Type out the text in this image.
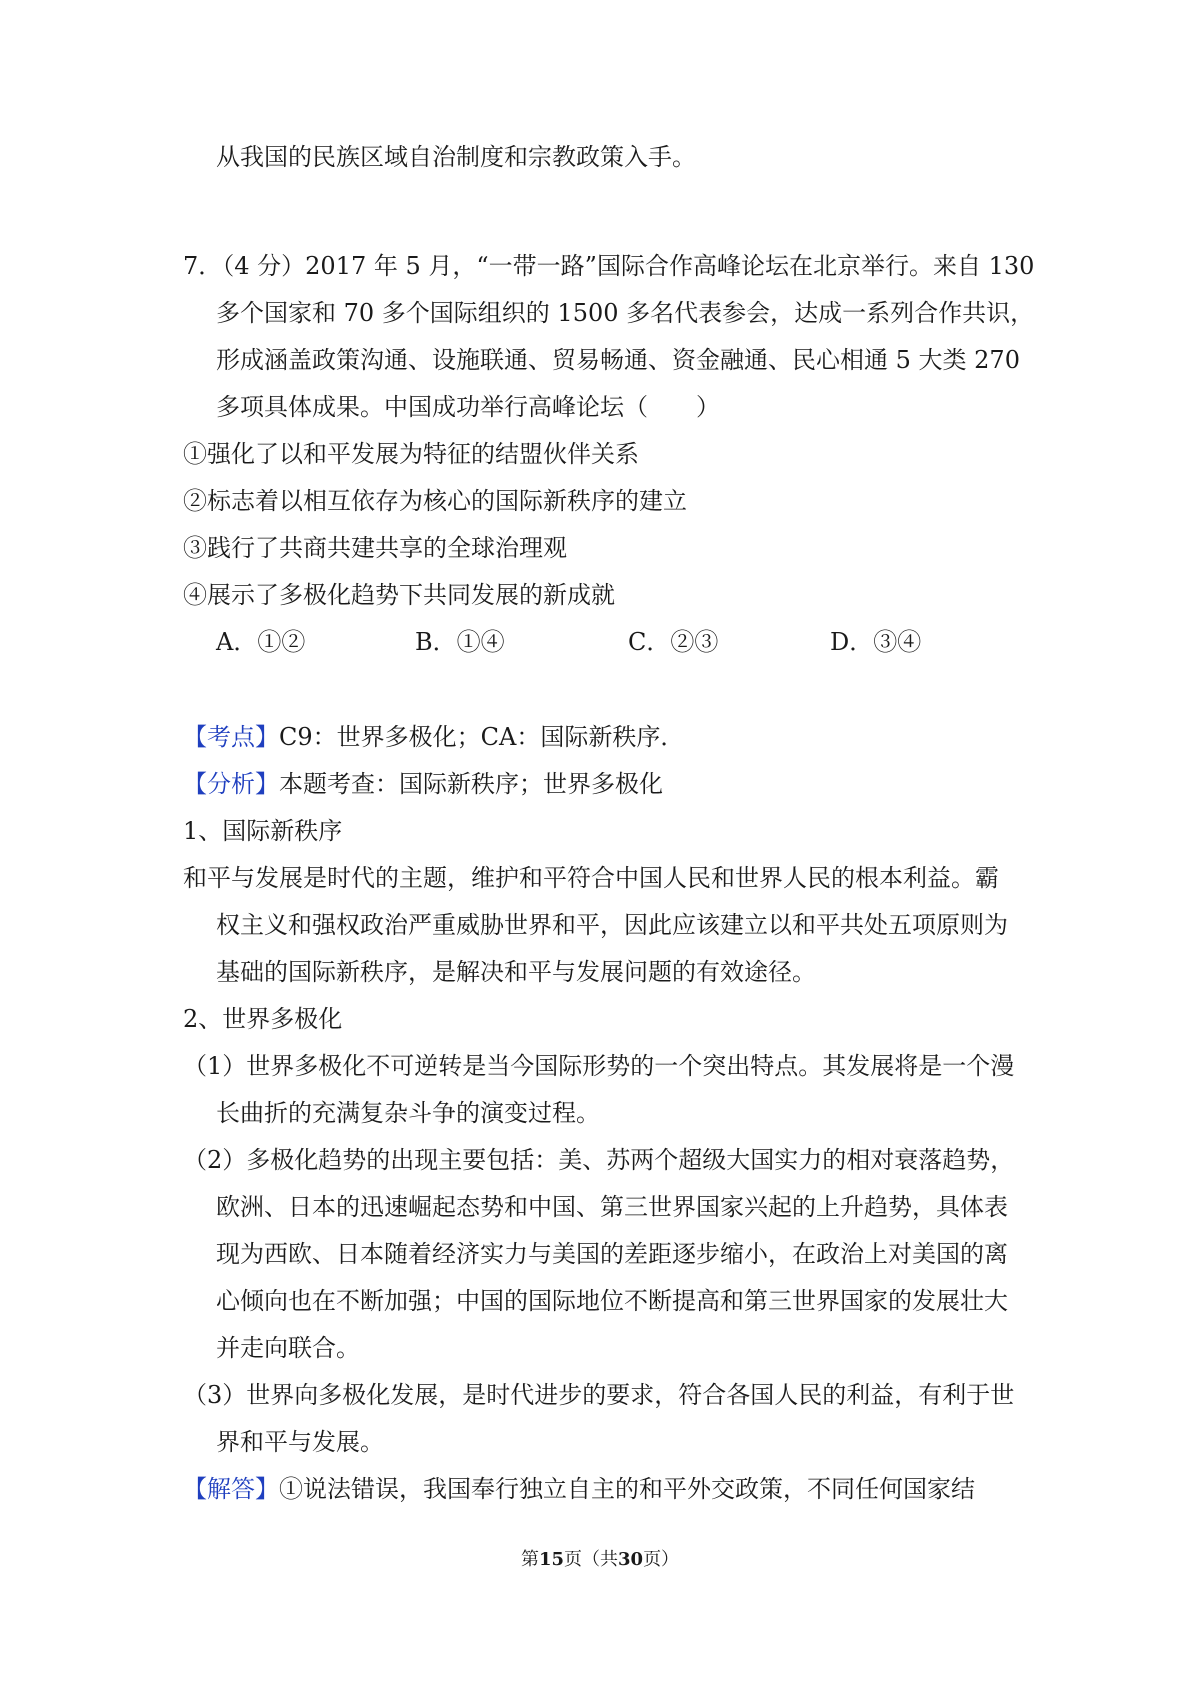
从我国的民族区域自治制度和宗教政策入手。
7．（4 分）2017 年 5 月，“一带一路”国际合作高峰论坛在北京举行。来自 130
多个国家和 70 多个国际组织的 1500 多名代表参会，达成一系列合作共识，
形成涵盖政策沟通、设施联通、贸易畅通、资金融通、民心相通 5 大类 270
多项具体成果。中国成功举行高峰论坛（　　）
①强化了以和平发展为特征的结盟伙伴关系
②标志着以相互依存为核心的国际新秩序的建立
③践行了共商共建共享的全球治理观
④展示了多极化趋势下共同发展的新成就
A．①②	B．①④	C．②③	D．③④
【考点】C9：世界多极化；CA：国际新秩序．
【分析】本题考查：国际新秩序；世界多极化
1、国际新秩序
和平与发展是时代的主题，维护和平符合中国人民和世界人民的根本利益。霸
权主义和强权政治严重威胁世界和平，因此应该建立以和平共处五项原则为
基础的国际新秩序，是解决和平与发展问题的有效途径。
2、世界多极化
（1）世界多极化不可逆转是当今国际形势的一个突出特点。其发展将是一个漫
长曲折的充满复杂斗争的演变过程。
（2）多极化趋势的出现主要包括：美、苏两个超级大国实力的相对衰落趋势，
欧洲、日本的迅速崛起态势和中国、第三世界国家兴起的上升趋势，具体表
现为西欧、日本随着经济实力与美国的差距逐步缩小，在政治上对美国的离
心倾向也在不断加强；中国的国际地位不断提高和第三世界国家的发展壮大
并走向联合。
（3）世界向多极化发展，是时代进步的要求，符合各国人民的利益，有利于世
界和平与发展。
【解答】①说法错误，我国奉行独立自主的和平外交政策，不同任何国家结
第15页（共30页）
